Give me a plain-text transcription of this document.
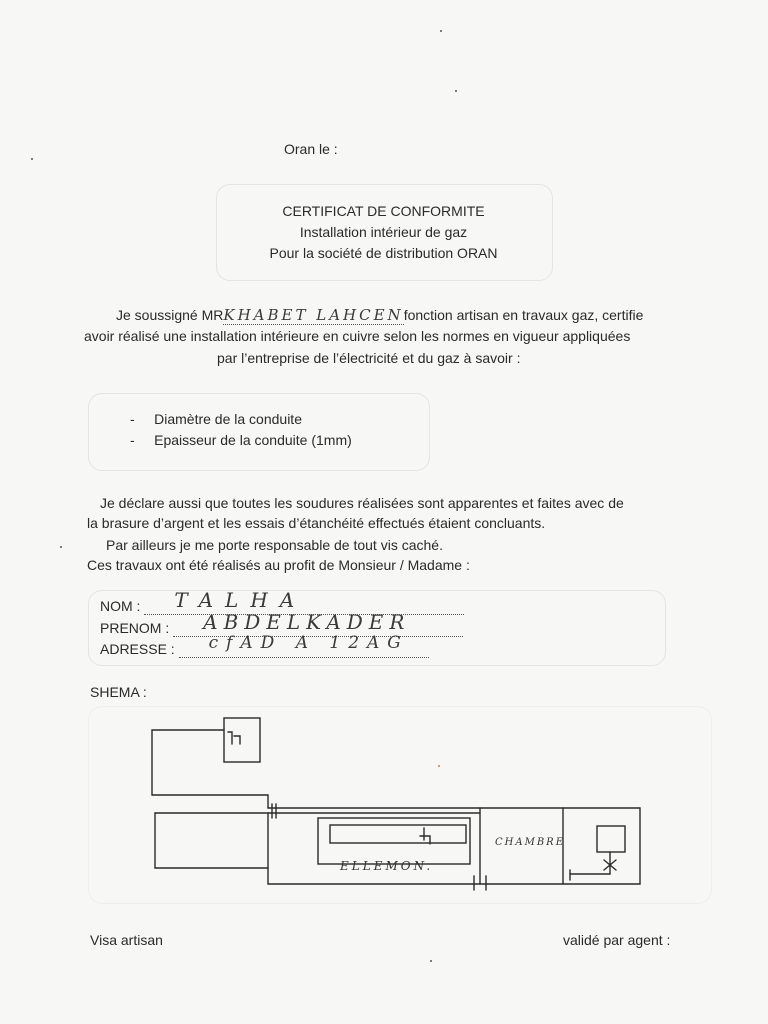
Oran le :
CERTIFICAT DE CONFORMITE
Installation intérieur de gaz
Pour la société de distribution ORAN
Je soussigné MRKHABET LAHCENfonction artisan en travaux gaz, certifie
avoir réalisé une installation intérieure en cuivre selon les normes en vigueur appliquées
par l’entreprise de l’électricité et du gaz à savoir :
-     Diamètre de la conduite
-     Epaisseur de la conduite (1mm)
Je déclare aussi que toutes les soudures réalisées sont apparentes et faites avec de
la brasure d’argent et les essais d’étanchéité effectués étaient concluants.
Par ailleurs je me porte responsable de tout vis caché.
Ces travaux ont été réalisés au profit de Monsieur / Madame :
NOM : TALHA

PRENOM : ABDELKADER

ADRESSE : cfAD A 12AG

SHEMA :
ELLEMON.
CHAMBRE
Visa artisan	validé par agent :
